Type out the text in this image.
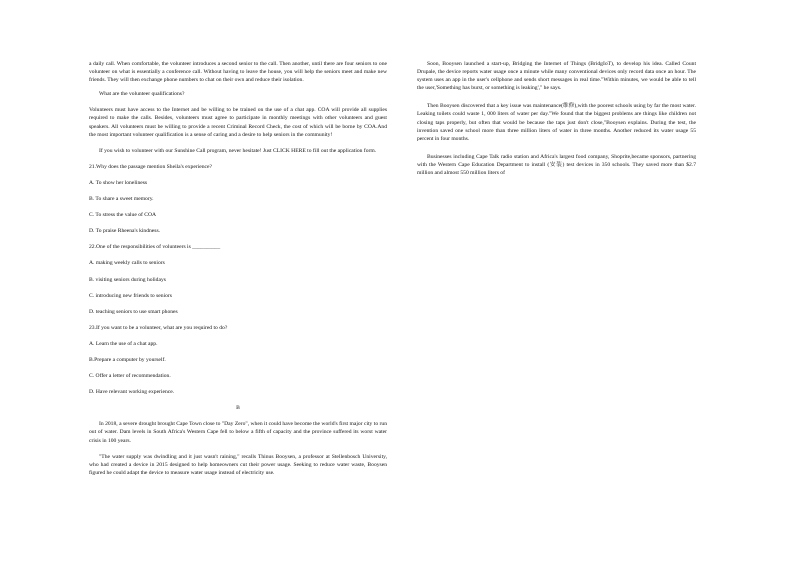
a daily call. When comfortable, the volunteer introduces a second senior to the call. Then another, until there are four seniors to one volunteer on what is essentially a conference call. Without having to leave the house, you will help the seniors meet and make new friends. They will then exchange phone numbers to chat on their own and reduce their isolation.

What are the volunteer qualifications?

Volunteers must have access to the Internet and be willing to be trained on the use of a chat app. COA will provide all supplies required to make the calls. Besides, volunteers must agree to participate in monthly meetings with other volunteers and guest speakers. All volunteers must be willing to provide a recent Criminal Record Check, the cost of which will be borne by COA.And the most important volunteer qualification is a sense of caring and a desire to help seniors in the community!

If you wish to volunteer with our Sunshine Call program, never hesitate! Just CLICK HERE to fill out the application form.

21.Why does the passage mention Sheila's experience?

A. To show her loneliness

B. To share a sweet memory.

C. To stress the value of COA

D. To praise Rheena's kindness.

22.One of the responsibilities of volunteers is __________

A. making weekly calls to seniors

B. visiting seniors during holidays

C. introducing new friends to seniors

D. teaching seniors to use smart phones

23.If you want to be a volunteer, what are you required to do?

A. Learn the use of a chat app.

B.Prepare a computer by yourself.

C. Offer a letter of recommendation.

D. Have relevant working experience.

B

In 2018, a severe drought brought Cape Town close to "Day Zero", when it could have become the world's first major city to run out of water. Dam levels in South Africa's Western Cape fell to below a fifth of capacity and the province suffered its worst water crisis in 100 years.

"The water supply was dwindling and it just wasn't raining," recalls Thinus Booysen, a professor at Stellenbosch University, who had created a device in 2015 designed to help homeowners cut their power usage. Seeking to reduce water waste, Booysen figured he could adapt the device to measure water usage instead of electricity use.

Soon, Booysen launched a start-up, Bridging the Internet of Things (BridgIoT), to develop his idea. Called Count Drupale, the device reports water usage once a minute while many conventional devices only record data once an hour. The system uses an app in the user's cellphone and sends short messages in real time."Within minutes, we would be able to tell the user,'Something has burst, or something is leaking'," he says.

Then Booysen discovered that a key issue was maintenance(维修),with the poorest schools using by far the most water. Leaking toilets could waste 1, 000 liters of water per day."We found that the biggest problems are things like children not closing taps properly, but often that would be because the taps just don't close,"Booysen explains. During the test, the invention saved one school more than three million liters of water in three months. Another reduced its water usage 55 percent in four months.

Businesses including Cape Talk radio station and Africa's largest food company, Shoprite,became sponsors, partnering with the Western Cape Education Department to install (安装) test devices in 350 schools. They saved more than $2.7 million and almost 550 million liters of
